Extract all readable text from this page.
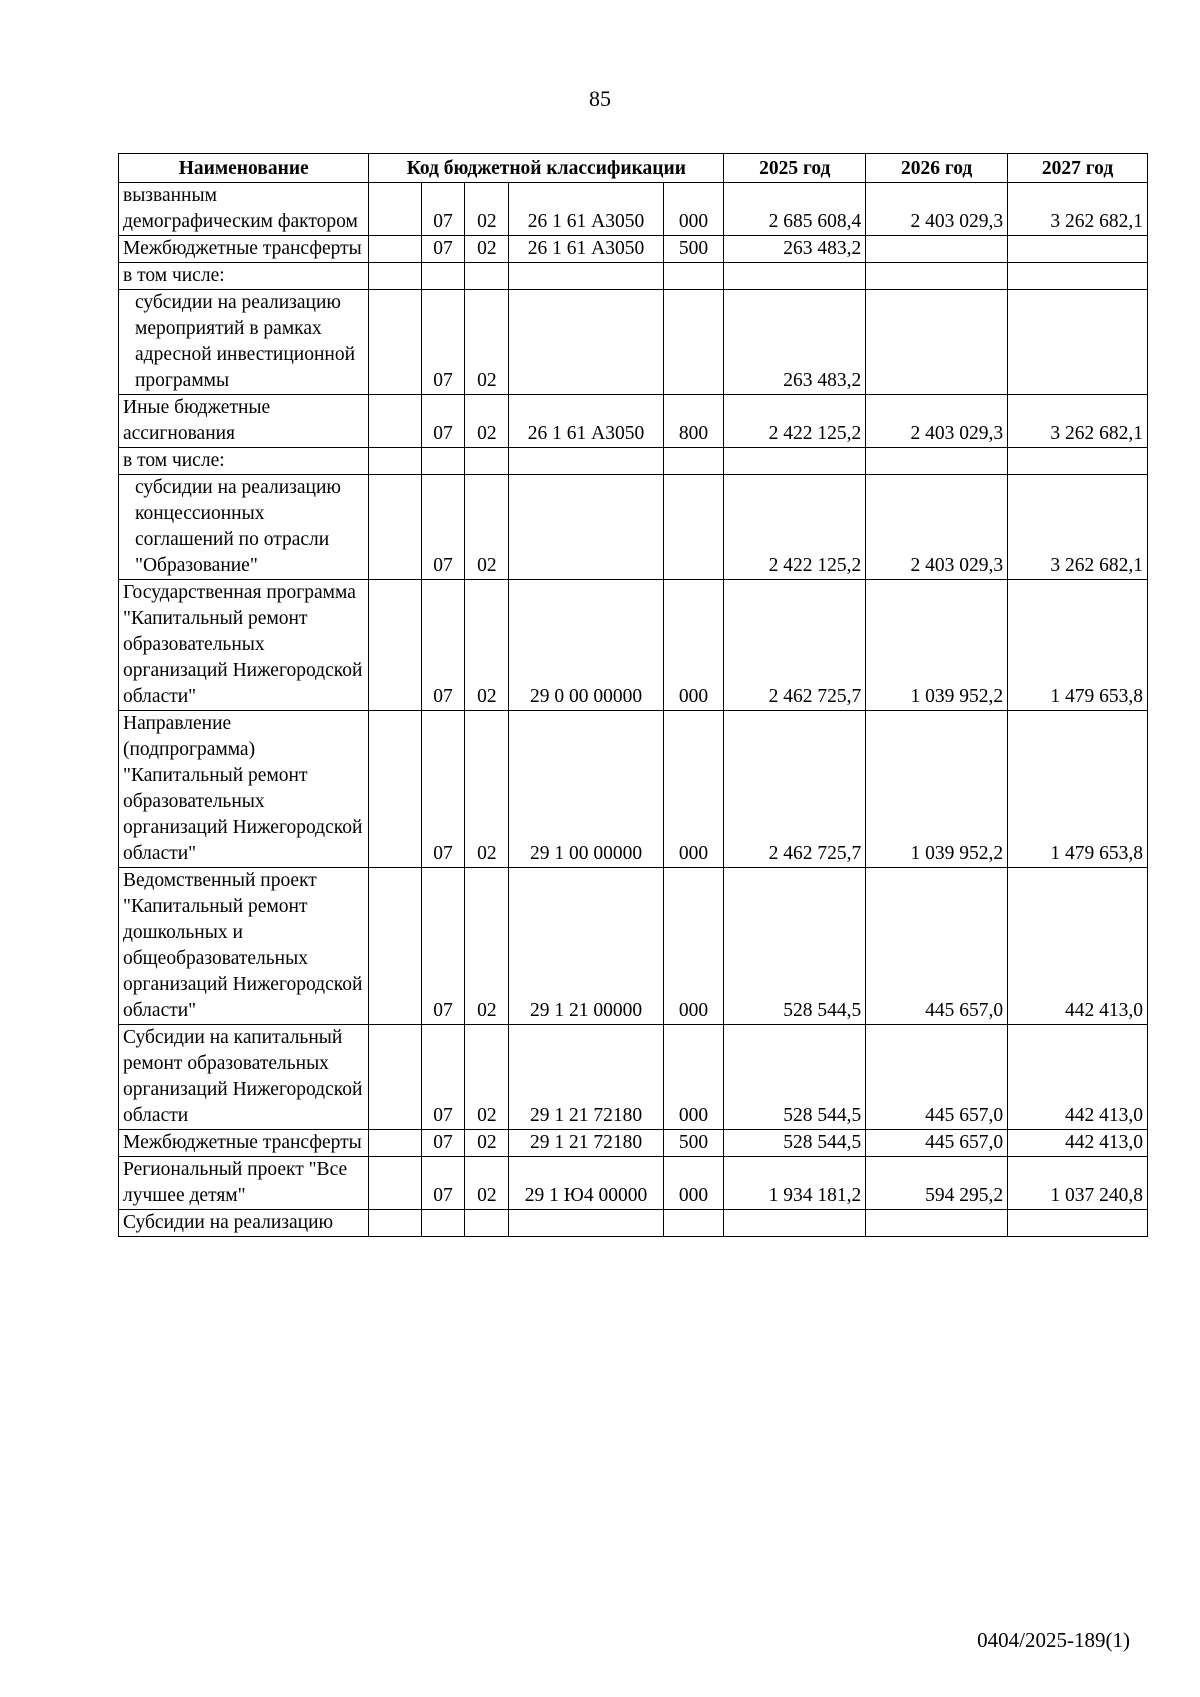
85
Наименование	Код бюджетной классификации					2025 год	2026 год	2027 год
вызванным демографическим фактором		07	02	26 1 61 А3050	000	2 685 608,4	2 403 029,3	3 262 682,1
Межбюджетные трансферты		07	02	26 1 61 А3050	500	263 483,2		
в том числе:								
субсидии на реализацию мероприятий в рамках адресной инвестиционной программы		07	02			263 483,2		
Иные бюджетные ассигнования		07	02	26 1 61 А3050	800	2 422 125,2	2 403 029,3	3 262 682,1
в том числе:								
субсидии на реализацию концессионных соглашений по отрасли "Образование"		07	02			2 422 125,2	2 403 029,3	3 262 682,1
Государственная программа "Капитальный ремонт образовательных организаций Нижегородской области"		07	02	29 0 00 00000	000	2 462 725,7	1 039 952,2	1 479 653,8
Направление (подпрограмма) "Капитальный ремонт образовательных организаций Нижегородской области"		07	02	29 1 00 00000	000	2 462 725,7	1 039 952,2	1 479 653,8
Ведомственный проект "Капитальный ремонт дошкольных и общеобразовательных организаций Нижегородской области"		07	02	29 1 21 00000	000	528 544,5	445 657,0	442 413,0
Субсидии на капитальный ремонт образовательных организаций Нижегородской области		07	02	29 1 21 72180	000	528 544,5	445 657,0	442 413,0
Межбюджетные трансферты		07	02	29 1 21 72180	500	528 544,5	445 657,0	442 413,0
Региональный проект "Все лучшее детям"		07	02	29 1 Ю4 00000	000	1 934 181,2	594 295,2	1 037 240,8
Субсидии на реализацию								
0404/2025-189(1)
